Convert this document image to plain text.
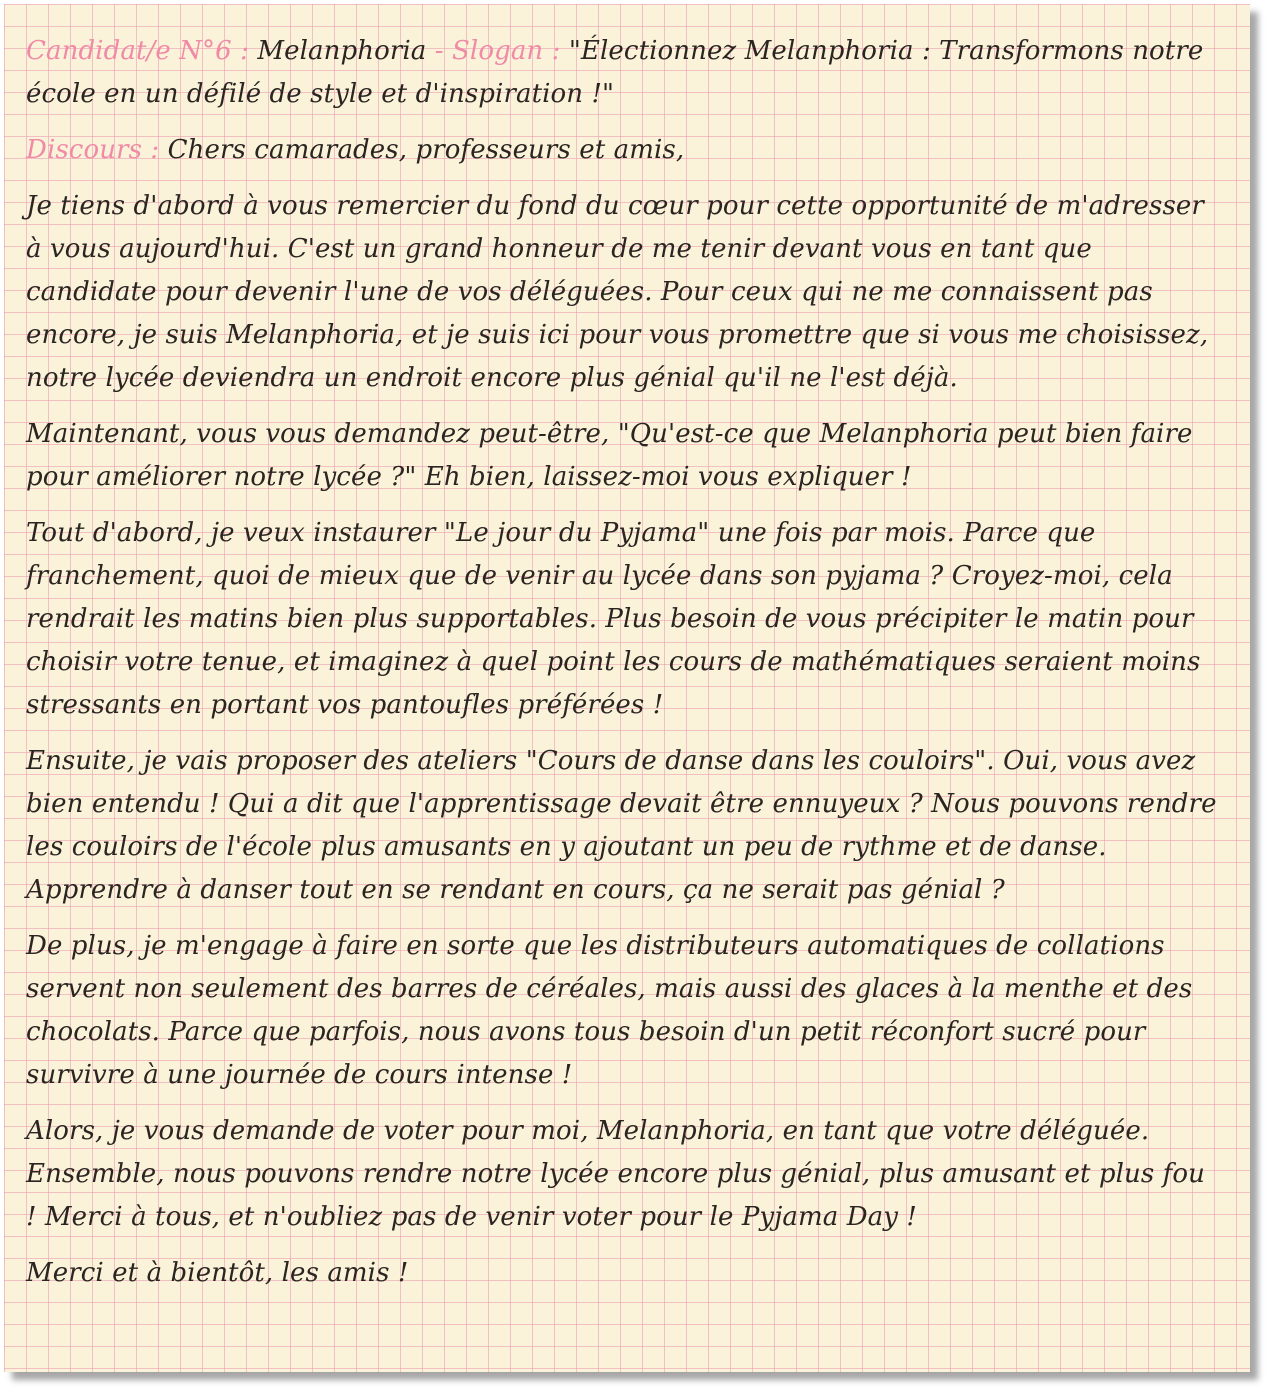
Candidat/e N°6 : Melanphoria - Slogan : "Électionnez Melanphoria : Transformons notre école en un défilé de style et d'inspiration !"

Discours : Chers camarades, professeurs et amis,

Je tiens d'abord à vous remercier du fond du cœur pour cette opportunité de m'adresser à vous aujourd'hui. C'est un grand honneur de me tenir devant vous en tant que candidate pour devenir l'une de vos déléguées. Pour ceux qui ne me connaissent pas encore, je suis Melanphoria, et je suis ici pour vous promettre que si vous me choisissez, notre lycée deviendra un endroit encore plus génial qu'il ne l'est déjà.

Maintenant, vous vous demandez peut-être, "Qu'est-ce que Melanphoria peut bien faire pour améliorer notre lycée ?" Eh bien, laissez-moi vous expliquer !

Tout d'abord, je veux instaurer "Le jour du Pyjama" une fois par mois. Parce que franchement, quoi de mieux que de venir au lycée dans son pyjama ? Croyez-moi, cela rendrait les matins bien plus supportables. Plus besoin de vous précipiter le matin pour choisir votre tenue, et imaginez à quel point les cours de mathématiques seraient moins stressants en portant vos pantoufles préférées !

Ensuite, je vais proposer des ateliers "Cours de danse dans les couloirs". Oui, vous avez bien entendu ! Qui a dit que l'apprentissage devait être ennuyeux ? Nous pouvons rendre les couloirs de l'école plus amusants en y ajoutant un peu de rythme et de danse. Apprendre à danser tout en se rendant en cours, ça ne serait pas génial ?

De plus, je m'engage à faire en sorte que les distributeurs automatiques de collations servent non seulement des barres de céréales, mais aussi des glaces à la menthe et des chocolats. Parce que parfois, nous avons tous besoin d'un petit réconfort sucré pour survivre à une journée de cours intense !

Alors, je vous demande de voter pour moi, Melanphoria, en tant que votre déléguée. Ensemble, nous pouvons rendre notre lycée encore plus génial, plus amusant et plus fou ! Merci à tous, et n'oubliez pas de venir voter pour le Pyjama Day !

Merci et à bientôt, les amis !
